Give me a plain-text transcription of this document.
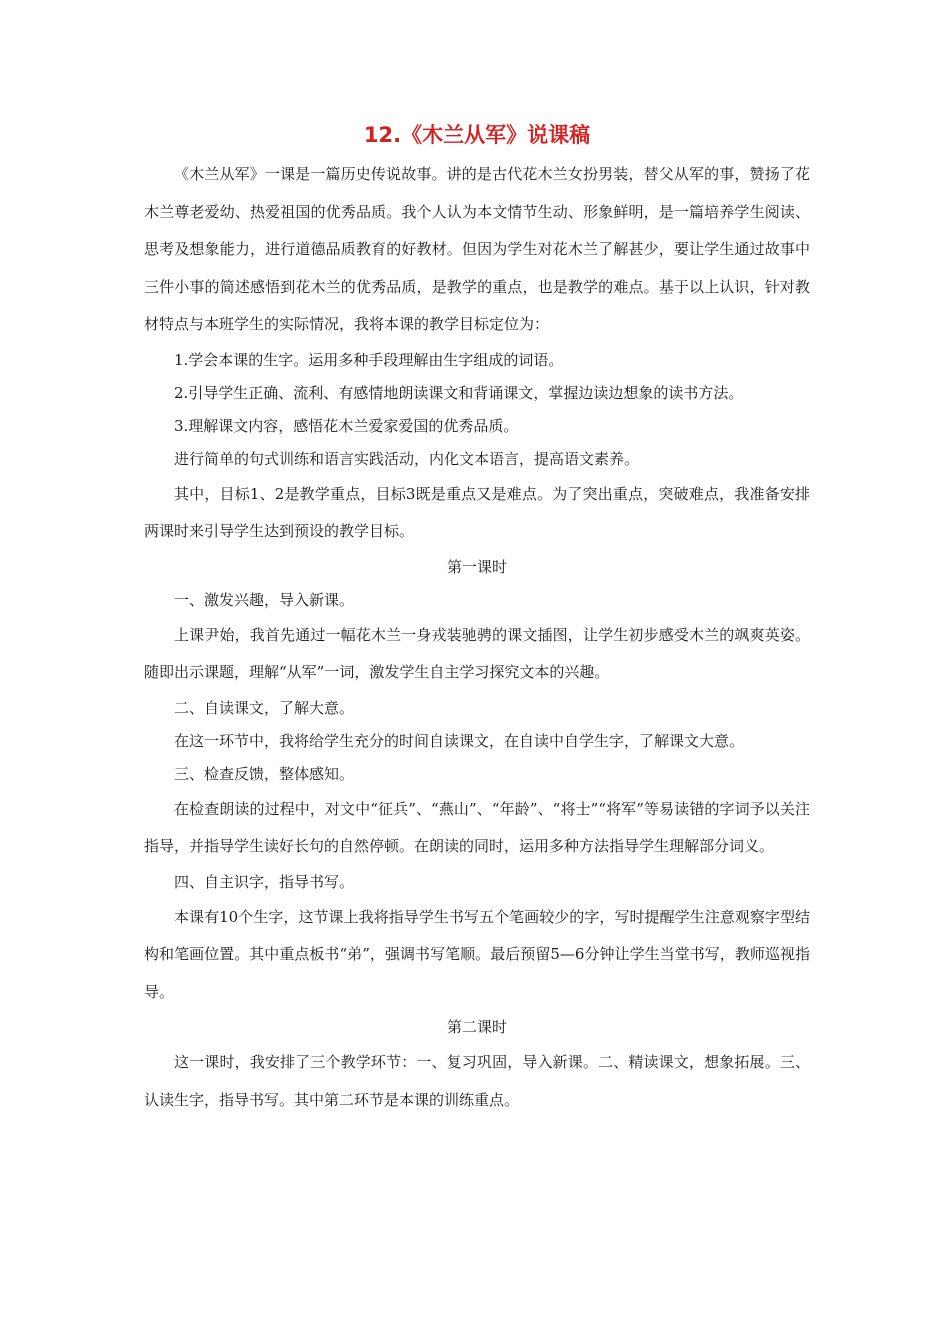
12.《木兰从军》说课稿

《木兰从军》一课是一篇历史传说故事。讲的是古代花木兰女扮男装，替父从军的事，赞扬了花木兰尊老爱幼、热爱祖国的优秀品质。我个人认为本文情节生动、形象鲜明，是一篇培养学生阅读、思考及想象能力，进行道德品质教育的好教材。但因为学生对花木兰了解甚少，要让学生通过故事中三件小事的简述感悟到花木兰的优秀品质，是教学的重点，也是教学的难点。基于以上认识，针对教材特点与本班学生的实际情况，我将本课的教学目标定位为：

1.学会本课的生字。运用多种手段理解由生字组成的词语。

2.引导学生正确、流利、有感情地朗读课文和背诵课文，掌握边读边想象的读书方法。

3.理解课文内容，感悟花木兰爱家爱国的优秀品质。

进行简单的句式训练和语言实践活动，内化文本语言，提高语文素养。

其中，目标1、2是教学重点，目标3既是重点又是难点。为了突出重点，突破难点，我准备安排两课时来引导学生达到预设的教学目标。

第一课时

一、激发兴趣，导入新课。

上课尹始，我首先通过一幅花木兰一身戎装驰骋的课文插图，让学生初步感受木兰的飒爽英姿。随即出示课题，理解“从军”一词，激发学生自主学习探究文本的兴趣。

二、自读课文，了解大意。

在这一环节中，我将给学生充分的时间自读课文，在自读中自学生字，了解课文大意。

三、检查反馈，整体感知。

在检查朗读的过程中，对文中“征兵”、“燕山”、“年龄”、“将士”“将军”等易读错的字词予以关注指导，并指导学生读好长句的自然停顿。在朗读的同时，运用多种方法指导学生理解部分词义。

四、自主识字，指导书写。

本课有10个生字，这节课上我将指导学生书写五个笔画较少的字，写时提醒学生注意观察字型结构和笔画位置。其中重点板书“弟”，强调书写笔顺。最后预留5—6分钟让学生当堂书写，教师巡视指导。

第二课时

这一课时，我安排了三个教学环节：一、复习巩固，导入新课。二、精读课文，想象拓展。三、认读生字，指导书写。其中第二环节是本课的训练重点。
